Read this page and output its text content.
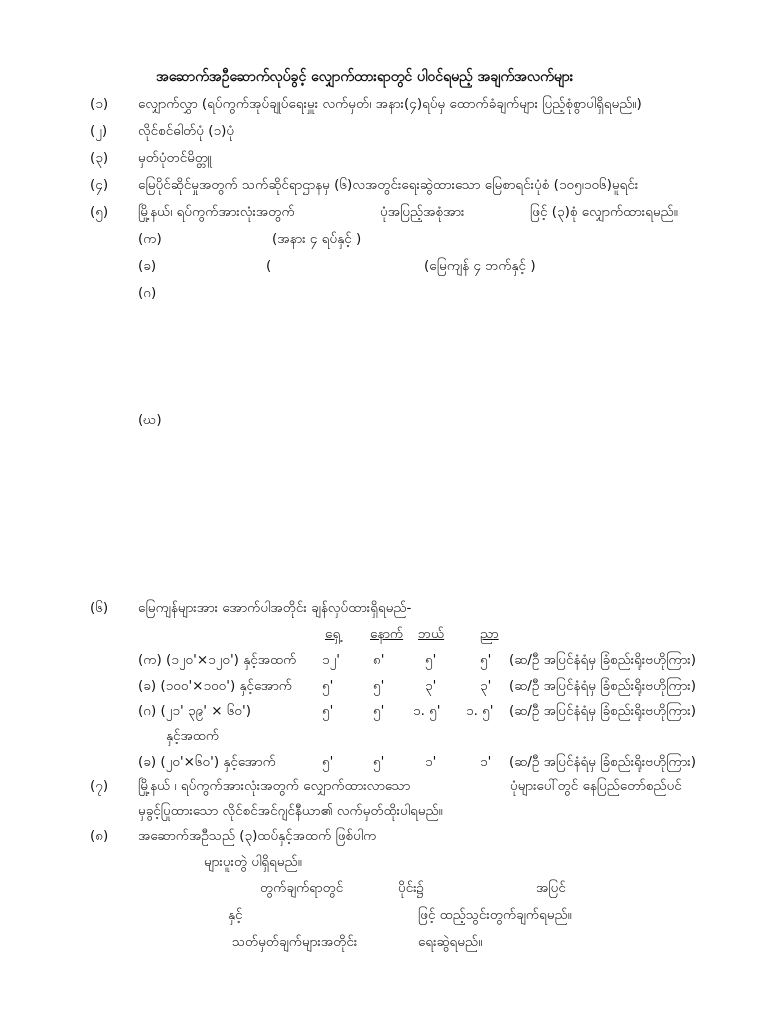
အဆောက်အဦဆောက်လုပ်ခွင့် လျှောက်ထားရာတွင် ပါဝင်ရမည့် အချက်အလက်များ
(၁) လျှောက်လွှာ (ရပ်ကွက်အုပ်ချုပ်ရေးမှူး လက်မှတ်၊ အနား(၄)ရပ်မှ ထောက်ခံချက်များ ပြည့်စုံစွာပါရှိရမည်။)
(၂) လိုင်စင်ဓါတ်ပုံ (၁)ပုံ
(၃) မှတ်ပုံတင်မိတ္တူ
(၄) မြေပိုင်ဆိုင်မှုအတွက် သက်ဆိုင်ရာဌာနမှ (၆)လအတွင်းရေးဆွဲထားသော မြေစာရင်းပုံစံ (၁၀၅၊၁၀၆)မူရင်း
(၅) မြို့နယ်၊ ရပ်ကွက်အားလုံးအတွက်	ပုံအပြည့်အစုံအား	ဖြင့် (၃)စုံ လျှောက်ထားရမည်။
(က)	(အနား ၄ ရပ်နှင့် )
(ခ)	(	(မြေကျန် ၄ ဘက်နှင့် )
(ဂ)
(ဃ)
(၆) မြေကျန်များအား အောက်ပါအတိုင်း ချန်လှပ်ထားရှိရမည်-
ရှေ့ နောက် ဘယ်	ညာ
(က) (၁၂၀'×၁၂၀') နှင့်အထက် ၁၂' ၈'	၅'	၅' (ဆ/ဦ အပြင်နံရံမှ ခြံစည်းရိုးဗဟိုကြား)
(ခ) (၁၀၀'×၁၀၀') နှင့်အောက် ၅'	၅'	၃'	၃' (ဆ/ဦ အပြင်နံရံမှ ခြံစည်းရိုးဗဟိုကြား)
(ဂ) (၂၁' ၃၉' × ၆၀')	၅'	၅' ၁. ၅' ၁. ၅' (ဆ/ဦ အပြင်နံရံမှ ခြံစည်းရိုးဗဟိုကြား)
နှင့်အထက်
(ခ) (၂၀'×၆၀') နှင့်အောက်	၅'	၅'	၁'	၁' (ဆ/ဦ အပြင်နံရံမှ ခြံစည်းရိုးဗဟိုကြား)
(၇) မြို့နယ် ၊ ရပ်ကွက်အားလုံးအတွက် လျှောက်ထားလာသော	ပုံများပေါ်တွင် နေပြည်တော်စည်ပင်
မှခွင့်ပြုထားသော လိုင်စင်အင်ဂျင်နီယာ၏ လက်မှတ်ထိုးပါရမည်။
(၈) အဆောက်အဦသည် (၃)ထပ်နှင့်အထက် ဖြစ်ပါက
များပူးတွဲ ပါရှိရမည်။
တွက်ချက်ရာတွင်	ပိုင်း၌	အပြင်
နှင့်	ဖြင့် ထည့်သွင်းတွက်ချက်ရမည်။
သတ်မှတ်ချက်များအတိုင်း	ရေးဆွဲရမည်။
